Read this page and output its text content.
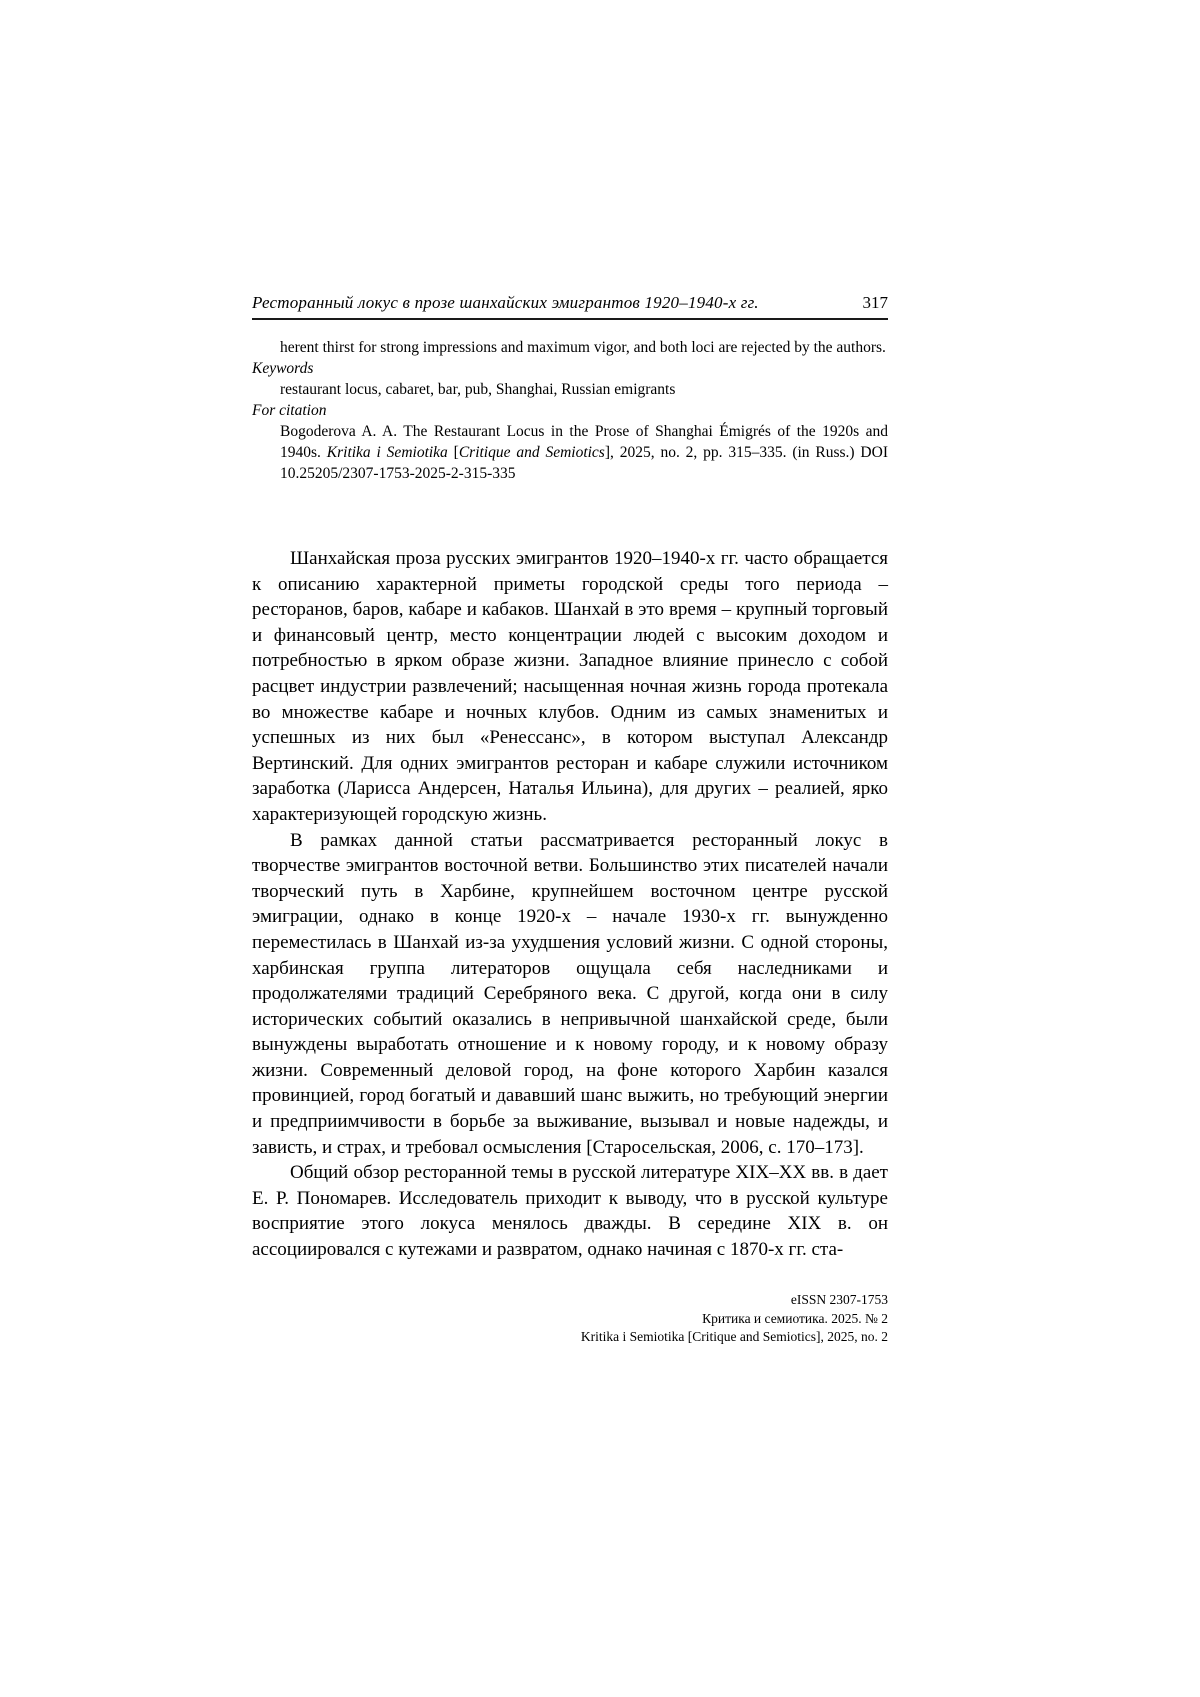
Ресторанный локус в прозе шанхайских эмигрантов 1920–1940-х гг.	317

herent thirst for strong impressions and maximum vigor, and both loci are rejected by the authors.

Keywords

restaurant locus, cabaret, bar, pub, Shanghai, Russian emigrants

For citation

Bogoderova A. A. The Restaurant Locus in the Prose of Shanghai Émigrés of the 1920s and 1940s. Kritika i Semiotika [Critique and Semiotics], 2025, no. 2, pp. 315–335. (in Russ.) DOI 10.25205/2307-1753-2025-2-315-335

Шанхайская проза русских эмигрантов 1920–1940-х гг. часто обращается к описанию характерной приметы городской среды того периода – ресторанов, баров, кабаре и кабаков. Шанхай в это время – крупный торговый и финансовый центр, место концентрации людей с высоким доходом и потребностью в ярком образе жизни. Западное влияние принесло с собой расцвет индустрии развлечений; насыщенная ночная жизнь города протекала во множестве кабаре и ночных клубов. Одним из самых знаменитых и успешных из них был «Ренессанс», в котором выступал Александр Вертинский. Для одних эмигрантов ресторан и кабаре служили источником заработка (Ларисса Андерсен, Наталья Ильина), для других – реалией, ярко характеризующей городскую жизнь.

В рамках данной статьи рассматривается ресторанный локус в творчестве эмигрантов восточной ветви. Большинство этих писателей начали творческий путь в Харбине, крупнейшем восточном центре русской эмиграции, однако в конце 1920-х – начале 1930-х гг. вынужденно переместилась в Шанхай из-за ухудшения условий жизни. С одной стороны, харбинская группа литераторов ощущала себя наследниками и продолжателями традиций Серебряного века. С другой, когда они в силу исторических событий оказались в непривычной шанхайской среде, были вынуждены выработать отношение и к новому городу, и к новому образу жизни. Современный деловой город, на фоне которого Харбин казался провинцией, город богатый и дававший шанс выжить, но требующий энергии и предприимчивости в борьбе за выживание, вызывал и новые надежды, и зависть, и страх, и требовал осмысления [Старосельская, 2006, с. 170–173].

Общий обзор ресторанной темы в русской литературе XIX–XX вв. в дает Е. Р. Пономарев. Исследователь приходит к выводу, что в русской культуре восприятие этого локуса менялось дважды. В середине XIX в. он ассоциировался с кутежами и развратом, однако начиная с 1870-х гг. ста-

eISSN 2307-1753
Критика и семиотика. 2025. № 2
Kritika i Semiotika [Critique and Semiotics], 2025, no. 2
